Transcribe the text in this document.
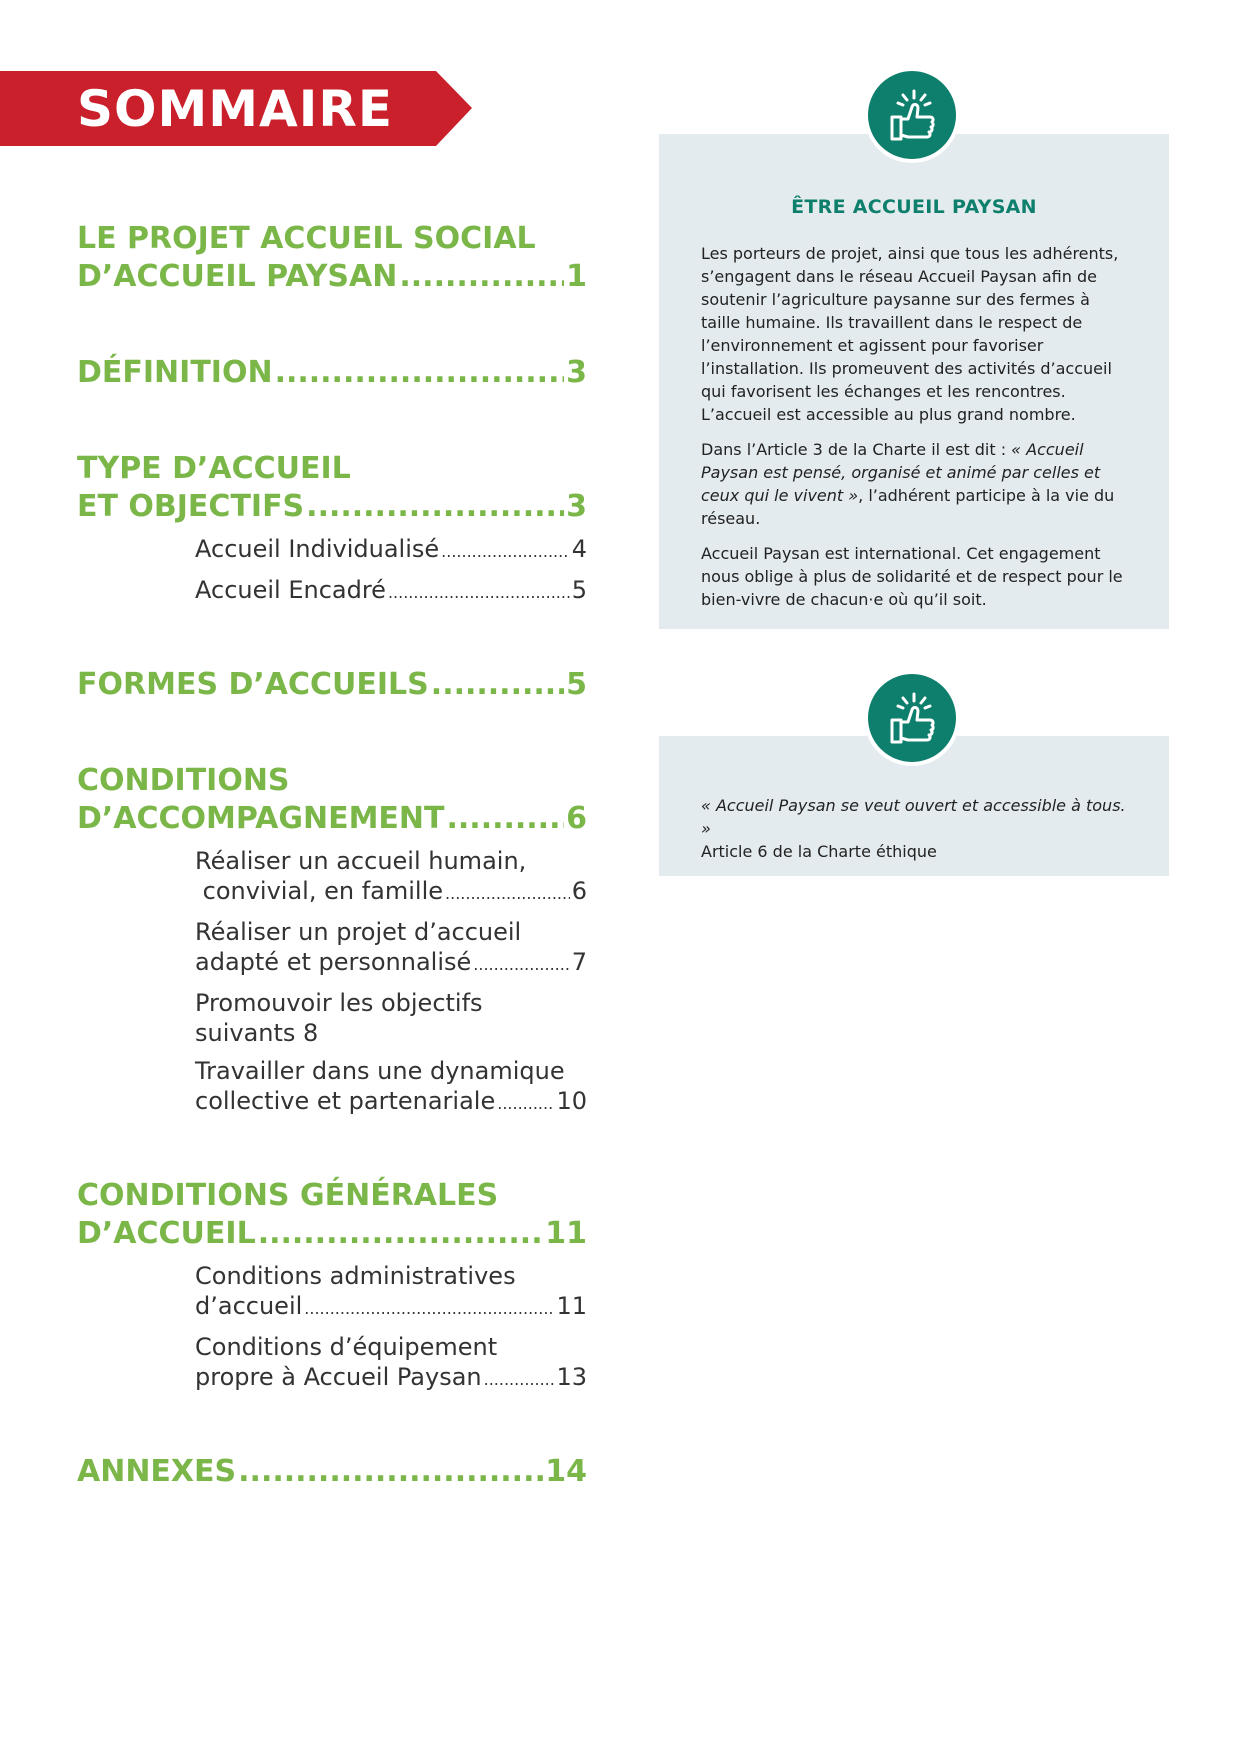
SOMMAIRE
LE PROJET ACCUEIL SOCIAL
D’ACCUEIL PAYSAN .....	1
DÉFINITION .....	3
TYPE D’ACCUEIL
ET OBJECTIFS .....	3
Accueil Individualisé .....	4
Accueil Encadré .....	5
FORMES D’ACCUEILS .....	5
CONDITIONS
D’ACCOMPAGNEMENT .....	6
Réaliser un accueil humain,
convivial, en famille .....	6
Réaliser un projet d’accueil
adapté et personnalisé .....	7
Promouvoir les objectifs
suivants 8
Travailler dans une dynamique
collective et partenariale .....	10
CONDITIONS GÉNÉRALES
D’ACCUEIL .....	11
Conditions administratives
d’accueil .....	11
Conditions d’équipement
propre à Accueil Paysan .....	13
ANNEXES .....	14
ÊTRE ACCUEIL PAYSAN

Les porteurs de projet, ainsi que tous les adhérents, s’engagent dans le réseau Accueil Paysan afin de soutenir l’agriculture paysanne sur des fermes à taille humaine. Ils travaillent dans le respect de l’environnement et agissent pour favoriser l’installation. Ils promeuvent des activités d’accueil qui favorisent les échanges et les rencontres. L’accueil est accessible au plus grand nombre.

Dans l’Article 3 de la Charte il est dit : « Accueil Paysan est pensé, organisé et animé par celles et ceux qui le vivent », l’adhérent participe à la vie du réseau.

Accueil Paysan est international. Cet engagement nous oblige à plus de solidarité et de respect pour le bien-vivre de chacun·e où qu’il soit.

« Accueil Paysan se veut ouvert et accessible à tous. »

Article 6 de la Charte éthique
